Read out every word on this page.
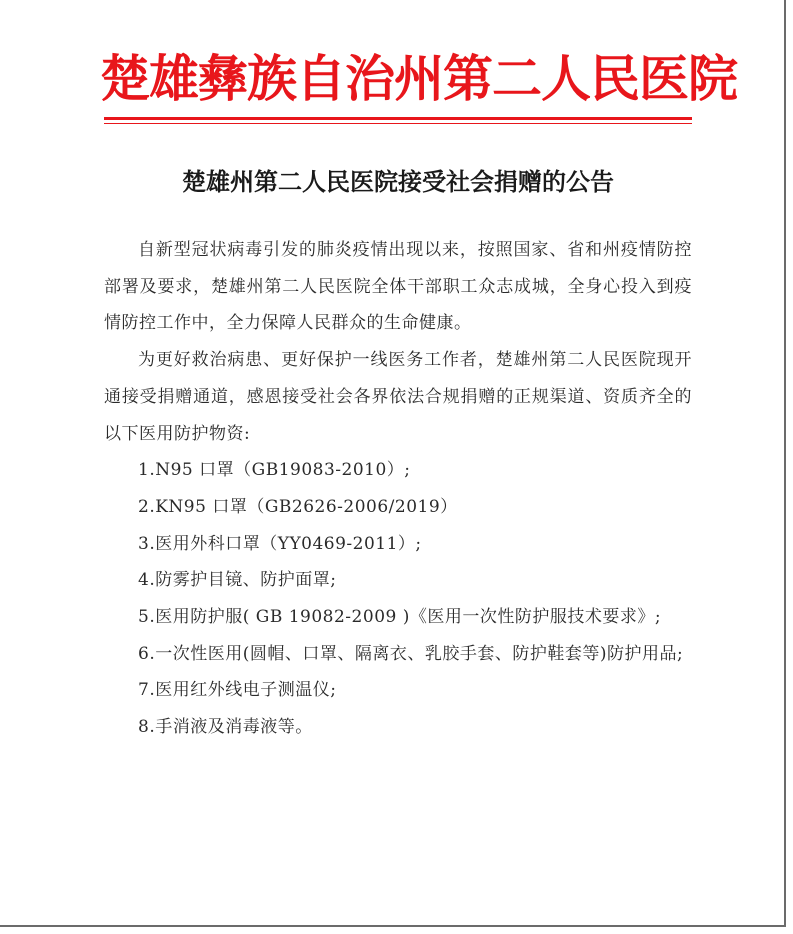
楚雄彝族自治州第二人民医院
楚雄州第二人民医院接受社会捐赠的公告

自新型冠状病毒引发的肺炎疫情出现以来，按照国家、省和州疫情防控部署及要求，楚雄州第二人民医院全体干部职工众志成城，全身心投入到疫情防控工作中，全力保障人民群众的生命健康。

为更好救治病患、更好保护一线医务工作者，楚雄州第二人民医院现开通接受捐赠通道，感恩接受社会各界依法合规捐赠的正规渠道、资质齐全的以下医用防护物资:

1.N95 口罩（GB19083-2010）;

2.KN95 口罩（GB2626-2006/2019）

3.医用外科口罩（YY0469-2011）;

4.防雾护目镜、防护面罩;

5.医用防护服( GB 19082-2009 )《医用一次性防护服技术要求》;

6.一次性医用(圆帽、口罩、隔离衣、乳胶手套、防护鞋套等)防护用品;

7.医用红外线电子测温仪;

8.手消液及消毒液等。
